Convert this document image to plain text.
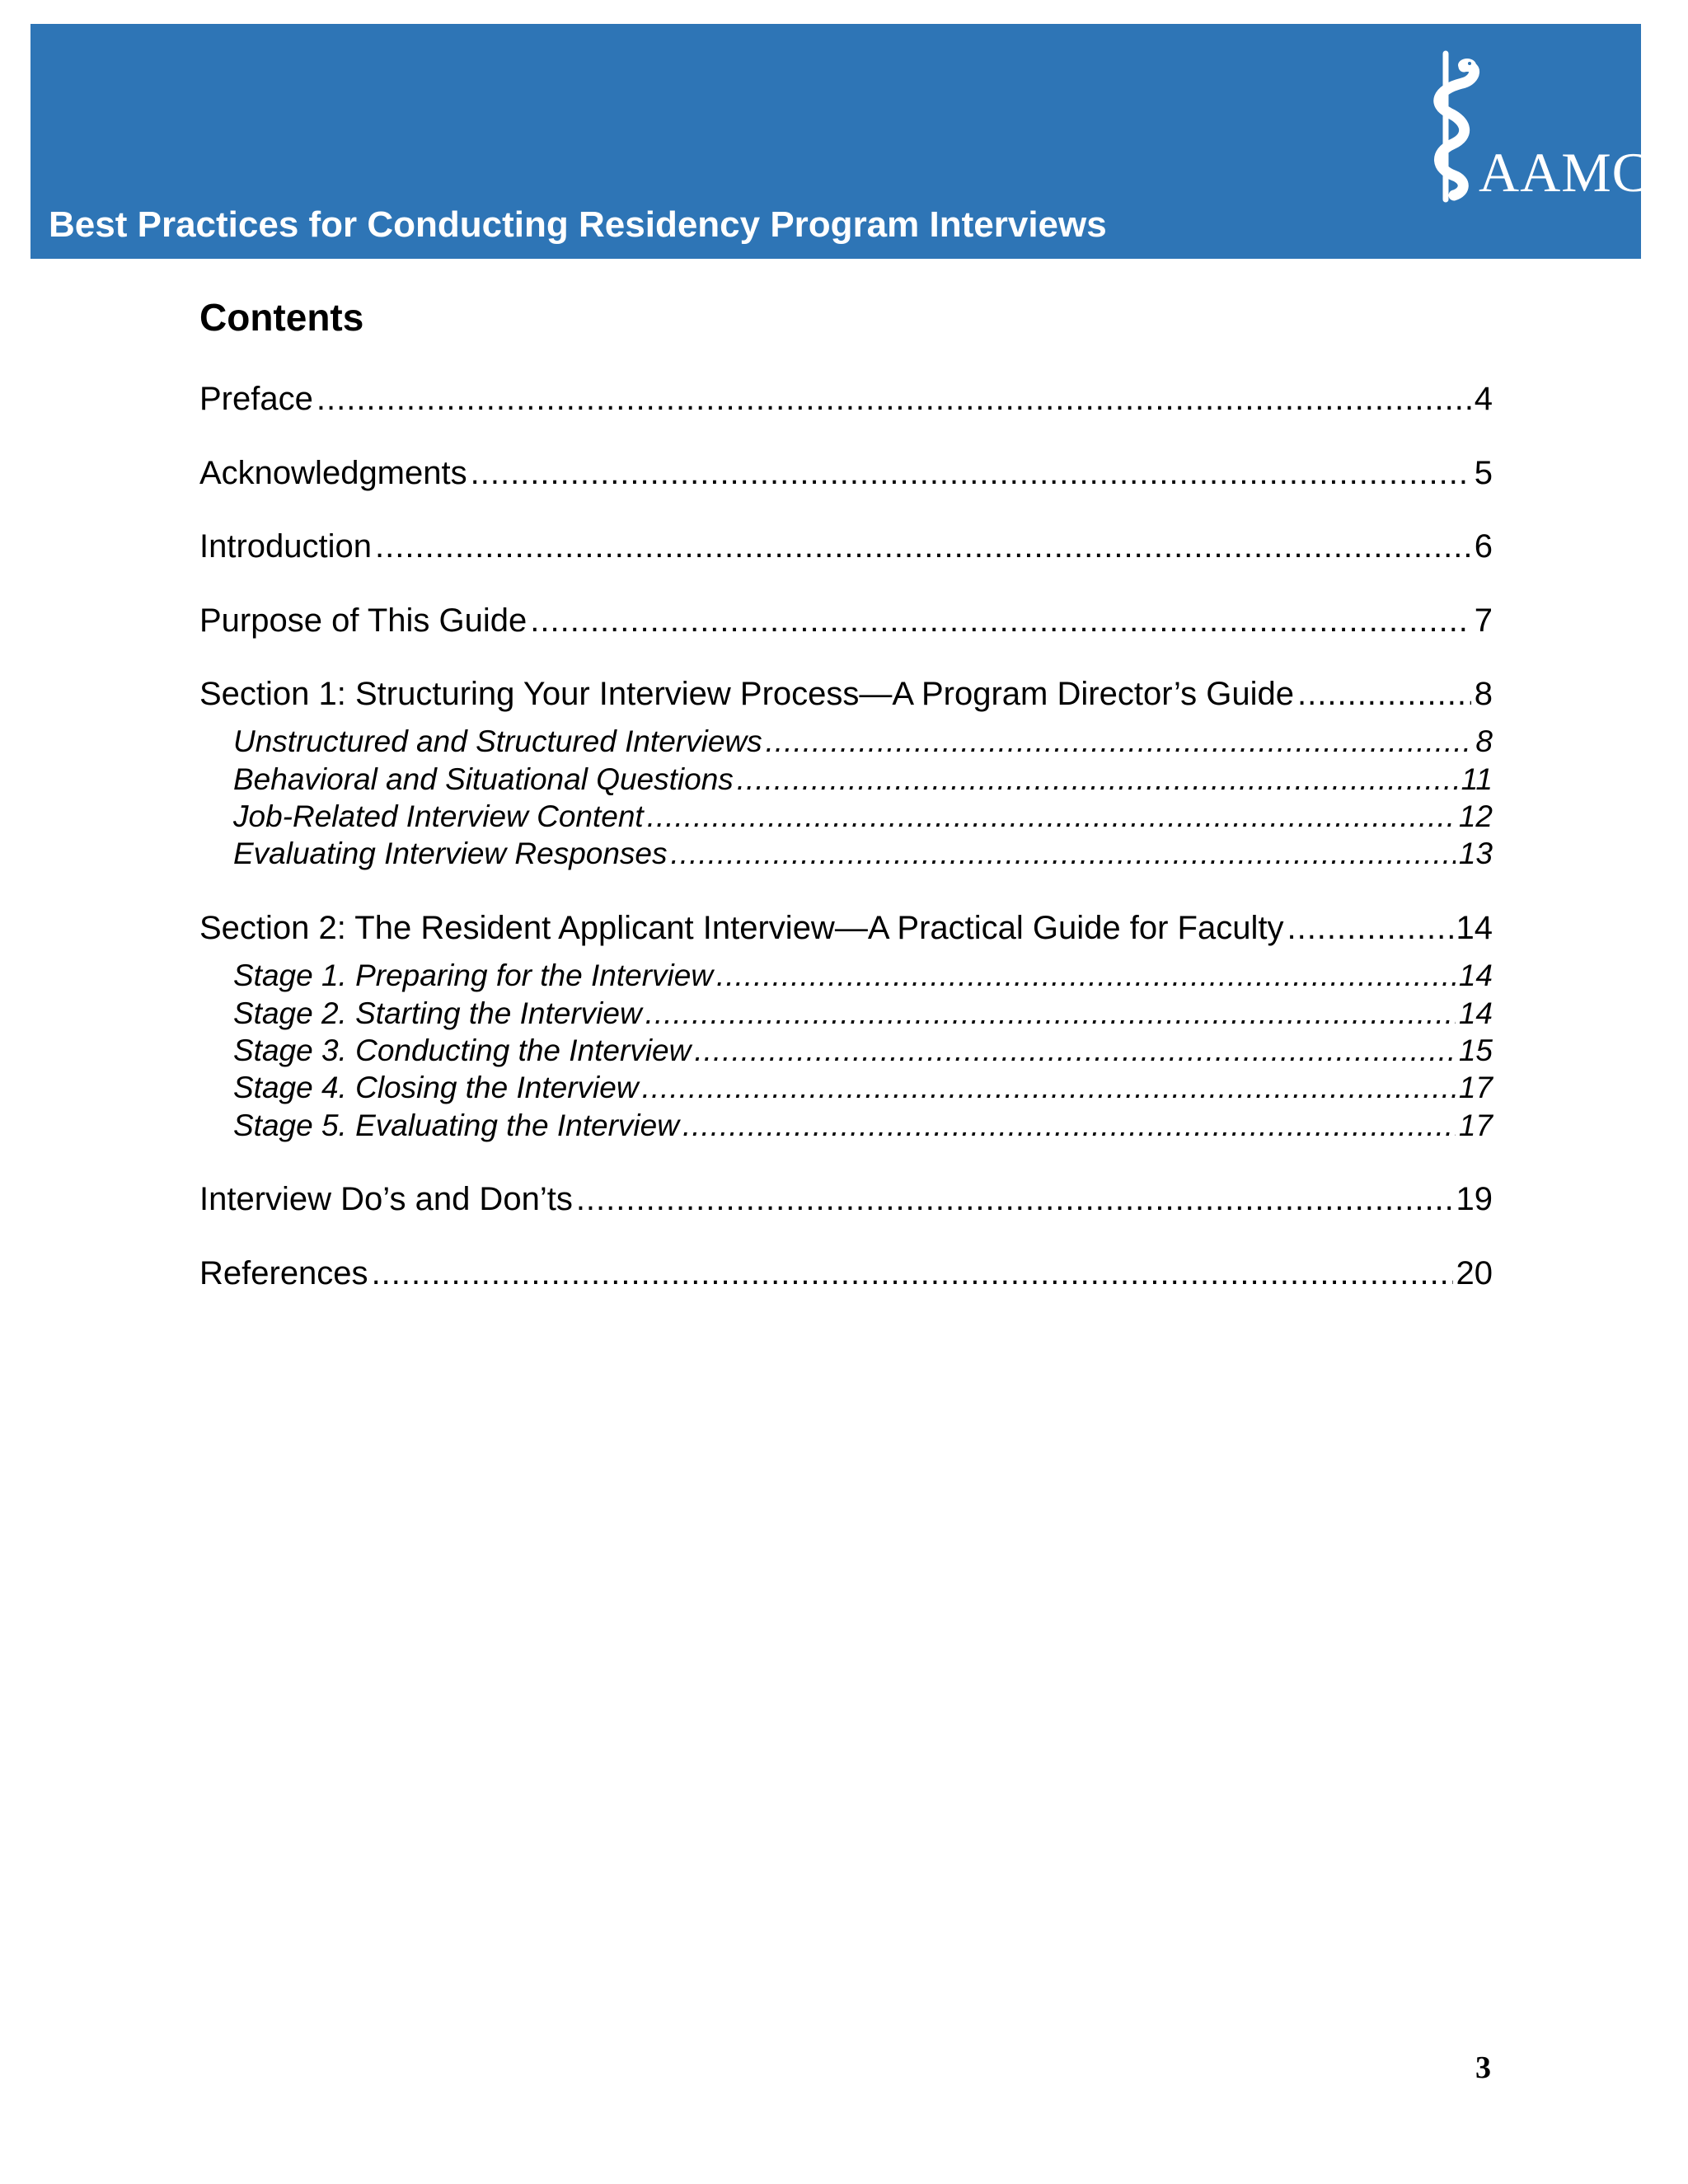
AAMC
Best Practices for Conducting Residency Program Interviews
Contents
Preface .....	4
Acknowledgments .....	5
Introduction .....	6
Purpose of This Guide .....	7
Section 1: Structuring Your Interview Process—A Program Director’s Guide .....	8
Unstructured and Structured Interviews .....	8
Behavioral and Situational Questions .....	11
Job-Related Interview Content .....	12
Evaluating Interview Responses .....	13
Section 2: The Resident Applicant Interview—A Practical Guide for Faculty .....	14
Stage 1. Preparing for the Interview .....	14
Stage 2. Starting the Interview .....	14
Stage 3. Conducting the Interview .....	15
Stage 4. Closing the Interview .....	17
Stage 5. Evaluating the Interview .....	17
Interview Do’s and Don’ts .....	19
References .....	20
3
